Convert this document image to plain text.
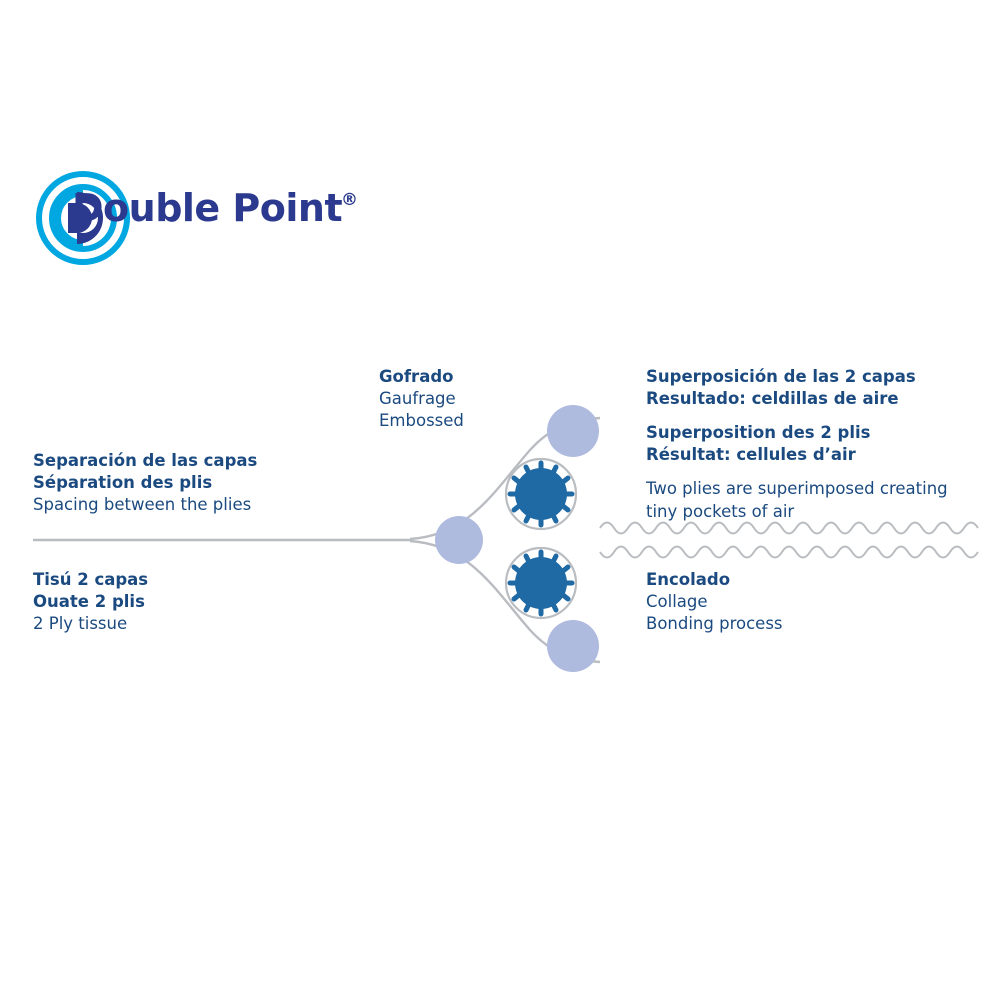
Double Point
®
Separación de las capas
Séparation des plis
Spacing between the plies
Tisú 2 capas
Ouate 2 plis
2 Ply tissue
Gofrado
Gaufrage
Embossed
Superposición de las 2 capas
Resultado: celdillas de aire
Superposition des 2 plis
Résultat: cellules d’air
Two plies are superimposed creating
tiny pockets of air
Encolado
Collage
Bonding process
